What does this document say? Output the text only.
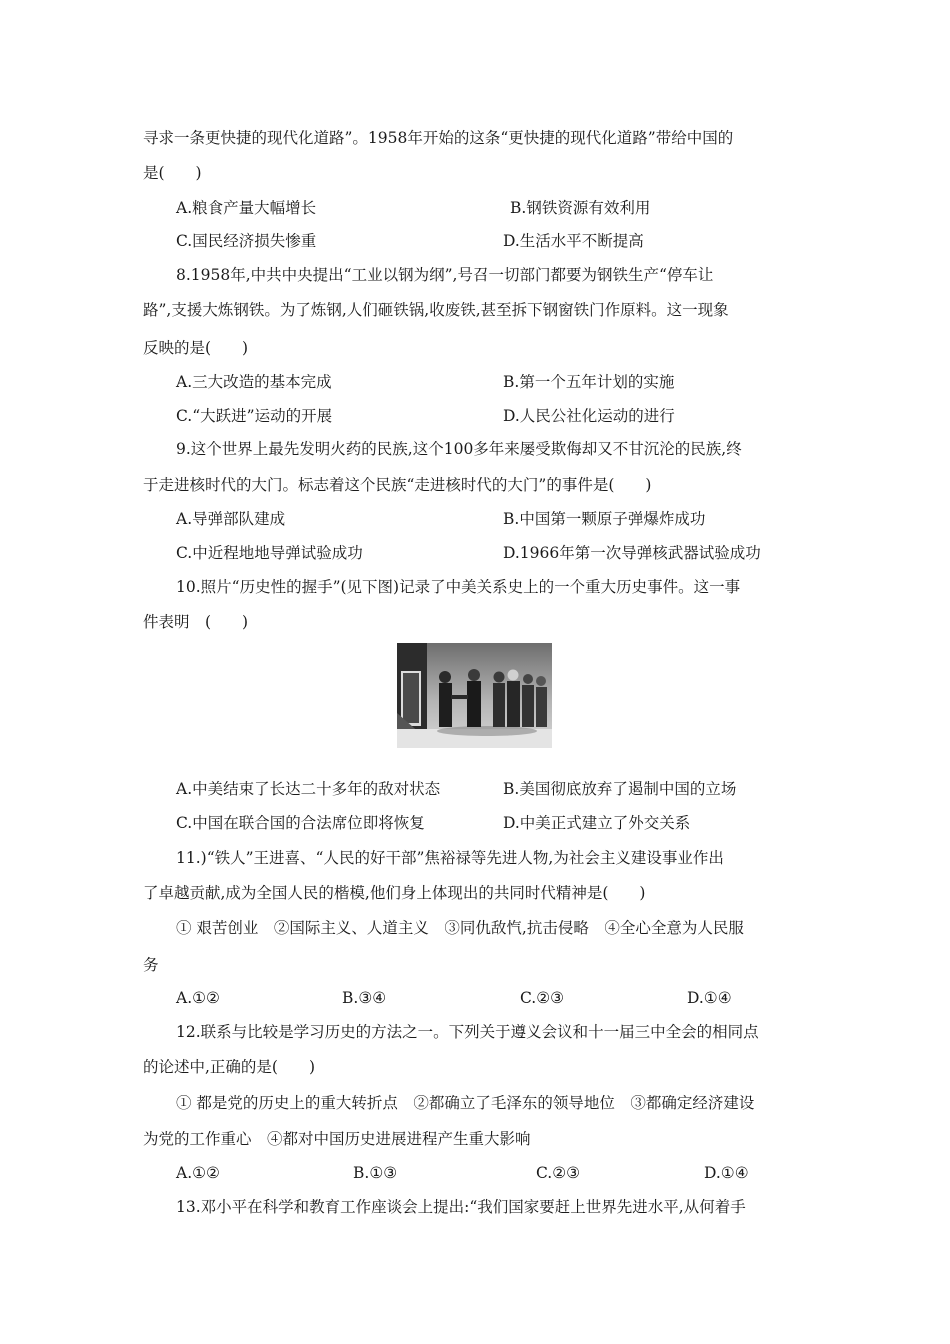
寻求一条更快捷的现代化道路”。1958年开始的这条“更快捷的现代化道路”带给中国的
是(　　)
A.粮食产量大幅增长	B.钢铁资源有效利用
C.国民经济损失惨重	D.生活水平不断提高
8.1958年,中共中央提出“工业以钢为纲”,号召一切部门都要为钢铁生产“停车让
路”,支援大炼钢铁。为了炼钢,人们砸铁锅,收废铁,甚至拆下钢窗铁门作原料。这一现象
反映的是(　　)
A.三大改造的基本完成	B.第一个五年计划的实施
C.“大跃进”运动的开展	D.人民公社化运动的进行
9.这个世界上最先发明火药的民族,这个100多年来屡受欺侮却又不甘沉沦的民族,终
于走进核时代的大门。标志着这个民族“走进核时代的大门”的事件是(　　)
A.导弹部队建成	B.中国第一颗原子弹爆炸成功
C.中近程地地导弹试验成功	D.1966年第一次导弹核武器试验成功
10.照片“历史性的握手”(见下图)记录了中美关系史上的一个重大历史事件。这一事
件表明　(　　)
A.中美结束了长达二十多年的敌对状态	B.美国彻底放弃了遏制中国的立场
C.中国在联合国的合法席位即将恢复	D.中美正式建立了外交关系
11.)“铁人”王进喜、“人民的好干部”焦裕禄等先进人物,为社会主义建设事业作出
了卓越贡献,成为全国人民的楷模,他们身上体现出的共同时代精神是(　　)
① 艰苦创业　②国际主义、人道主义　③同仇敌忾,抗击侵略　④全心全意为人民服
务
A.①②	B.③④	C.②③	D.①④
12.联系与比较是学习历史的方法之一。下列关于遵义会议和十一届三中全会的相同点
的论述中,正确的是(　　)
① 都是党的历史上的重大转折点　②都确立了毛泽东的领导地位　③都确定经济建设
为党的工作重心　④都对中国历史进展进程产生重大影响
A.①②	B.①③	C.②③	D.①④
13.邓小平在科学和教育工作座谈会上提出:“我们国家要赶上世界先进水平,从何着手
